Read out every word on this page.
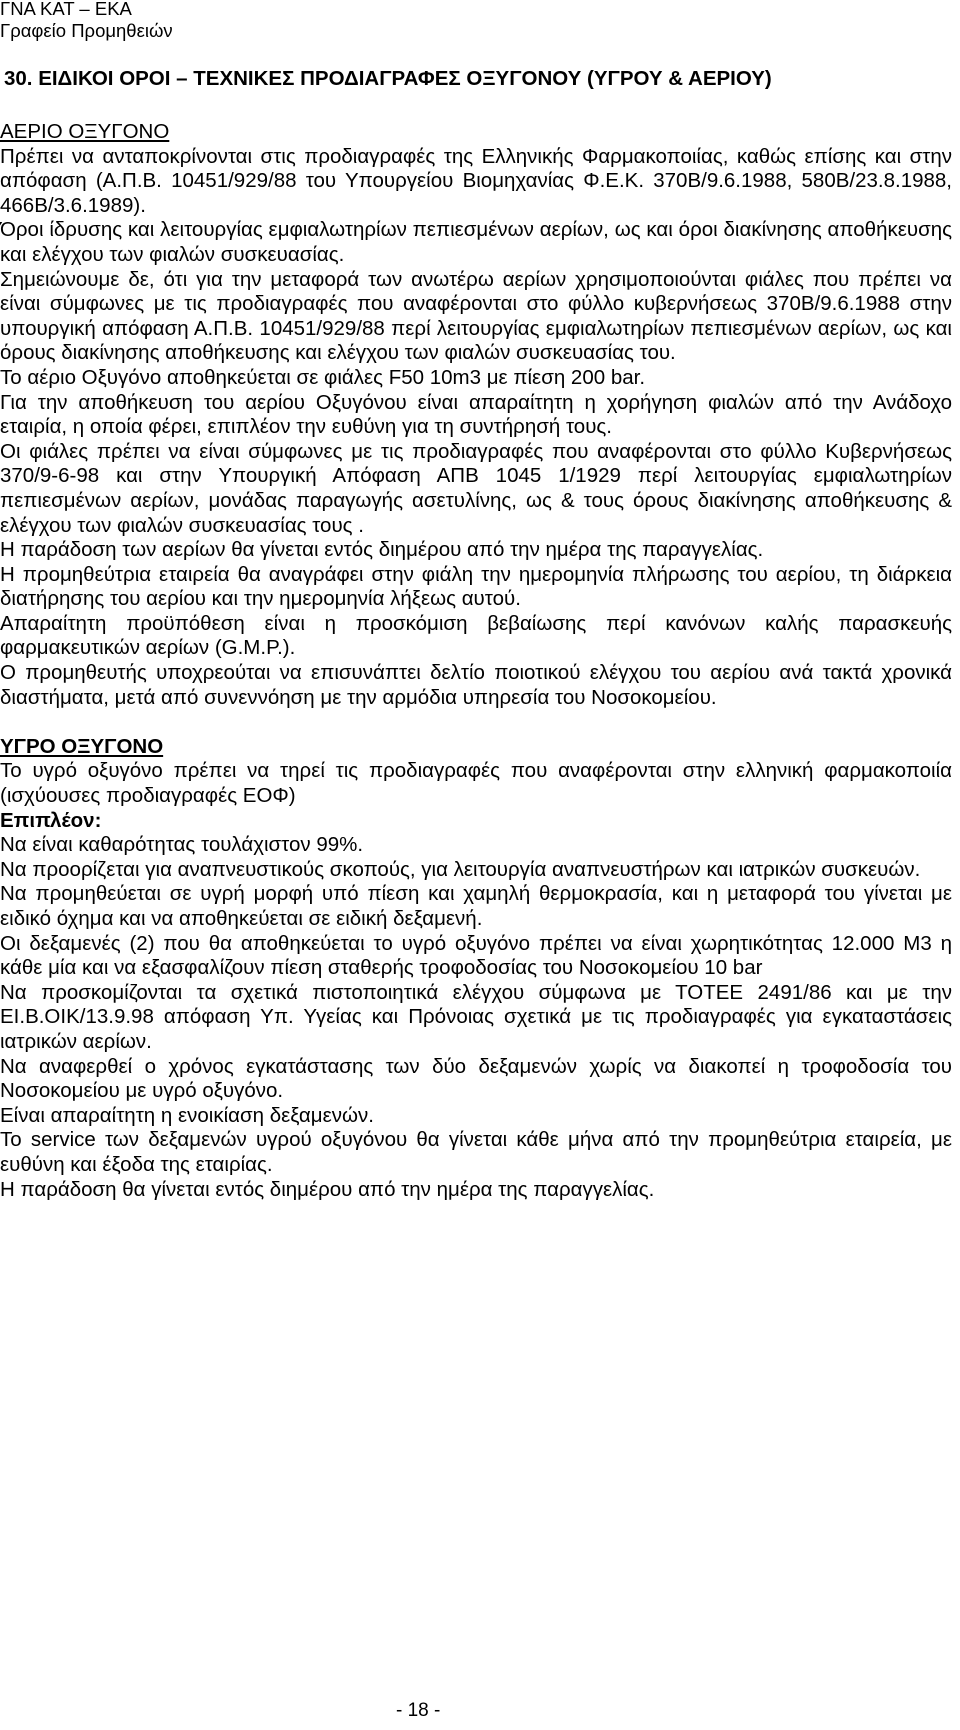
ΓΝΑ ΚΑΤ – ΕΚΑ
Γραφείο Προμηθειών
30. ΕΙΔΙΚΟΙ ΟΡΟΙ – ΤΕΧΝΙΚΕΣ ΠΡΟΔΙΑΓΡΑΦΕΣ ΟΞΥΓΟΝΟΥ (ΥΓΡΟΥ & ΑΕΡΙΟΥ)

ΑΕΡΙΟ ΟΞΥΓΟΝΟ

Πρέπει να ανταποκρίνονται στις προδιαγραφές της Ελληνικής Φαρμακοποιίας, καθώς επίσης και στην απόφαση (Α.Π.Β. 10451/929/88 του Υπουργείου Βιομηχανίας Φ.Ε.Κ. 370Β/9.6.1988, 580Β/23.8.1988, 466Β/3.6.1989).

Όροι ίδρυσης και λειτουργίας εμφιαλωτηρίων πεπιεσμένων αερίων, ως και όροι διακίνησης αποθήκευσης και ελέγχου των φιαλών συσκευασίας.

Σημειώνουμε δε, ότι για την μεταφορά των ανωτέρω αερίων χρησιμοποιούνται φιάλες που πρέπει να είναι σύμφωνες με τις προδιαγραφές που αναφέρονται στο φύλλο κυβερνήσεως 370Β/9.6.1988 στην υπουργική απόφαση Α.Π.Β. 10451/929/88 περί λειτουργίας εμφιαλωτηρίων πεπιεσμένων αερίων, ως και όρους διακίνησης αποθήκευσης και ελέγχου των φιαλών συσκευασίας του.

Το αέριο Οξυγόνο αποθηκεύεται σε φιάλες F50 10m3 με πίεση 200 bar.

Για την αποθήκευση του αερίου Οξυγόνου είναι απαραίτητη η χορήγηση φιαλών από την Ανάδοχο εταιρία, η οποία φέρει, επιπλέον την ευθύνη για τη συντήρησή τους.

Οι φιάλες πρέπει να είναι σύμφωνες με τις προδιαγραφές που αναφέρονται στο φύλλο Κυβερνήσεως 370/9-6-98 και στην Υπουργική Απόφαση ΑΠΒ 1045 1/1929 περί λειτουργίας εμφιαλωτηρίων πεπιεσμένων αερίων, μονάδας παραγωγής ασετυλίνης, ως & τους όρους διακίνησης αποθήκευσης & ελέγχου των φιαλών συσκευασίας τους .

Η παράδοση των αερίων θα γίνεται εντός διημέρου από την ημέρα της παραγγελίας.

Η προμηθεύτρια εταιρεία θα αναγράφει στην φιάλη την ημερομηνία πλήρωσης του αερίου, τη διάρκεια διατήρησης του αερίου και την ημερομηνία λήξεως αυτού.

Απαραίτητη προϋπόθεση είναι η προσκόμιση βεβαίωσης περί κανόνων καλής παρασκευής φαρμακευτικών αερίων (G.M.P.).

Ο προμηθευτής υποχρεούται να επισυνάπτει δελτίο ποιοτικού ελέγχου του αερίου ανά τακτά χρονικά διαστήματα, μετά από συνεννόηση με την αρμόδια υπηρεσία του Νοσοκομείου.

ΥΓΡΟ ΟΞΥΓΟΝΟ

Το υγρό οξυγόνο πρέπει να τηρεί τις προδιαγραφές που αναφέρονται στην ελληνική φαρμακοποιία (ισχύουσες προδιαγραφές ΕΟΦ)

Επιπλέον:

Να είναι καθαρότητας τουλάχιστον 99%.

Να προορίζεται για αναπνευστικούς σκοπούς, για λειτουργία αναπνευστήρων και ιατρικών συσκευών.

Να προμηθεύεται σε υγρή μορφή υπό πίεση και χαμηλή θερμοκρασία, και η μεταφορά του γίνεται με ειδικό όχημα και να αποθηκεύεται σε ειδική δεξαμενή.

Οι δεξαμενές (2) που θα αποθηκεύεται το υγρό οξυγόνο πρέπει να είναι χωρητικότητας 12.000 M3 η κάθε μία και να εξασφαλίζουν πίεση σταθερής τροφοδοσίας του Νοσοκομείου 10 bar

Να προσκομίζονται τα σχετικά πιστοποιητικά ελέγχου σύμφωνα με ΤΟΤΕΕ 2491/86 και με την ΕΙ.Β.ΟΙΚ/13.9.98 απόφαση Υπ. Υγείας και Πρόνοιας σχετικά με τις προδιαγραφές για εγκαταστάσεις ιατρικών αερίων.

Να αναφερθεί ο χρόνος εγκατάστασης των δύο δεξαμενών χωρίς να διακοπεί η τροφοδοσία του Νοσοκομείου με υγρό οξυγόνο.

Είναι απαραίτητη η ενοικίαση δεξαμενών.

Το service των δεξαμενών υγρού οξυγόνου θα γίνεται κάθε μήνα από την προμηθεύτρια εταιρεία, με ευθύνη και έξοδα της εταιρίας.

Η παράδοση θα γίνεται εντός διημέρου από την ημέρα της παραγγελίας.

- 18 -
